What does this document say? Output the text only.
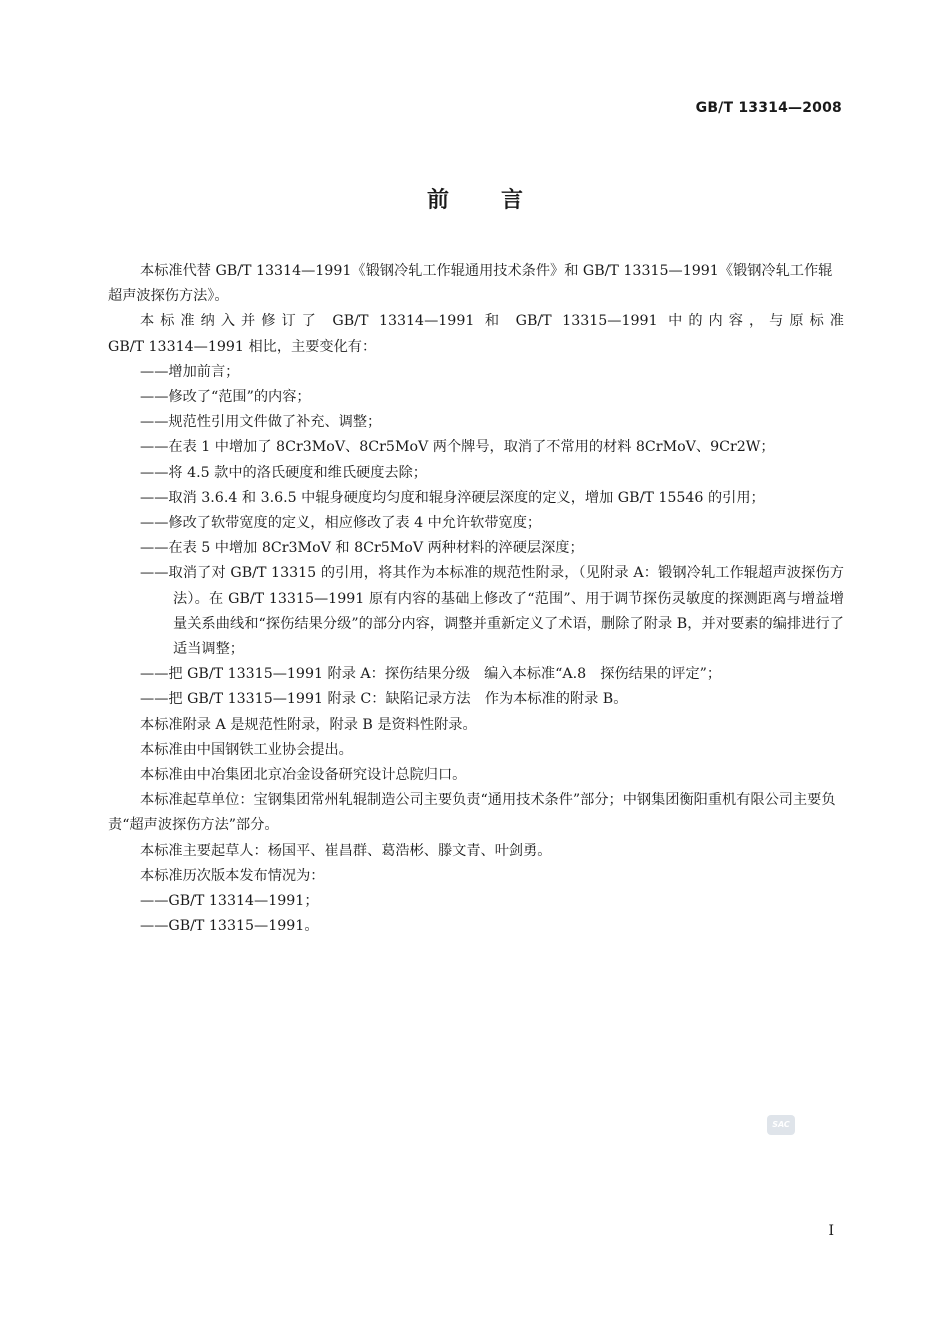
GB/T 13314—2008
前 言

本标准代替 GB/T 13314—1991《锻钢冷轧工作辊通用技术条件》和 GB/T 13315—1991《锻钢冷轧工作辊超声波探伤方法》。

本标准纳入并修订了 GB/T 13314—1991 和 GB/T 13315—1991 中的内容，与原标准

GB/T 13314—1991 相比，主要变化有：

——增加前言；

——修改了“范围”的内容；

——规范性引用文件做了补充、调整；

——在表 1 中增加了 8Cr3MoV、8Cr5MoV 两个牌号，取消了不常用的材料 8CrMoV、9Cr2W；

——将 4.5 款中的洛氏硬度和维氏硬度去除；

——取消 3.6.4 和 3.6.5 中辊身硬度均匀度和辊身淬硬层深度的定义，增加 GB/T 15546 的引用；

——修改了软带宽度的定义，相应修改了表 4 中允许软带宽度；

——在表 5 中增加 8Cr3MoV 和 8Cr5MoV 两种材料的淬硬层深度；

——取消了对 GB/T 13315 的引用，将其作为本标准的规范性附录，（见附录 A：锻钢冷轧工作辊超声波探伤方法）。在 GB/T 13315—1991 原有内容的基础上修改了“范围”、用于调节探伤灵敏度的探测距离与增益增量关系曲线和“探伤结果分级”的部分内容，调整并重新定义了术语，删除了附录 B，并对要素的编排进行了适当调整；

——把 GB/T 13315—1991 附录 A：探伤结果分级　编入本标准“A.8　探伤结果的评定”；

——把 GB/T 13315—1991 附录 C：缺陷记录方法　作为本标准的附录 B。

本标准附录 A 是规范性附录，附录 B 是资料性附录。

本标准由中国钢铁工业协会提出。

本标准由中冶集团北京冶金设备研究设计总院归口。

本标准起草单位：宝钢集团常州轧辊制造公司主要负责“通用技术条件”部分；中钢集团衡阳重机有限公司主要负责“超声波探伤方法”部分。

本标准主要起草人：杨国平、崔昌群、葛浩彬、滕文青、叶剑勇。

本标准历次版本发布情况为：

——GB/T 13314—1991；

——GB/T 13315—1991。

SAC
I
